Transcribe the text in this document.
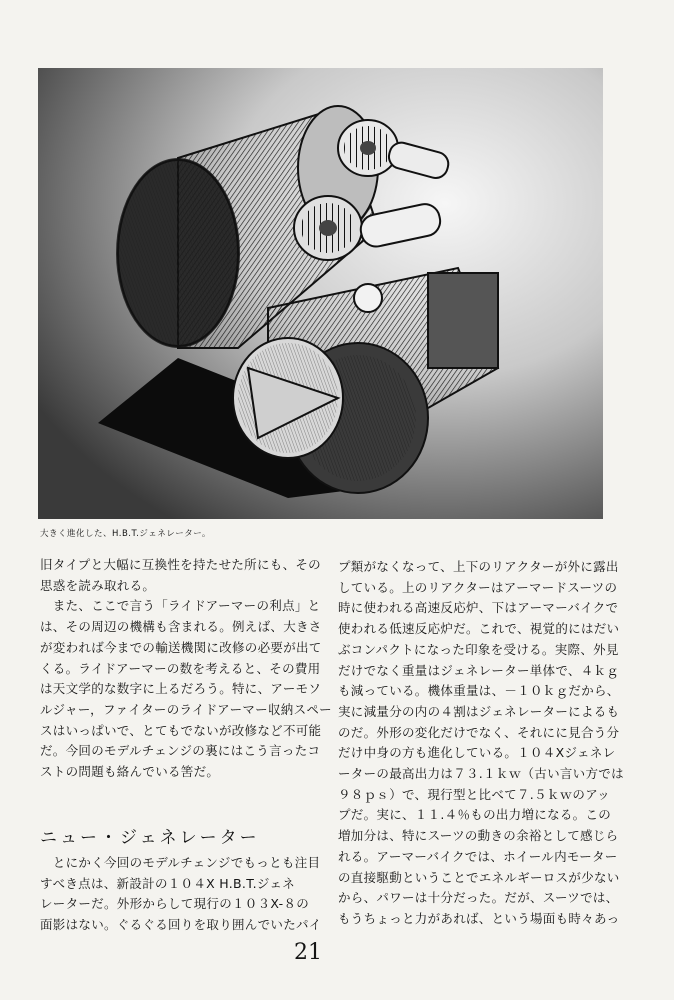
大きく進化した、H.B.T.ジェネレーター。
旧タイプと大幅に互換性を持たせた所にも、その
思惑を読み取れる。
　また、ここで言う「ライドアーマーの利点」と
は、その周辺の機構も含まれる。例えば、大きさ
が変われば今までの輸送機関に改修の必要が出て
くる。ライドアーマーの数を考えると、その費用
は天文学的な数字に上るだろう。特に、アーモソ
ルジャー，ファイターのライドアーマー収納スペー
スはいっぱいで、とてもでないが改修など不可能
だ。今回のモデルチェンジの裏にはこう言ったコ
ストの問題も絡んでいる筈だ。
ニュー・ジェネレーター
　とにかく今回のモデルチェンジでもっとも注目
すべき点は、新設計の１０４X H.B.T.ジェネ
レーターだ。外形からして現行の１０３X-８の
面影はない。ぐるぐる回りを取り囲んでいたパイ
プ類がなくなって、上下のリアクターが外に露出
している。上のリアクターはアーマードスーツの
時に使われる高速反応炉、下はアーマーバイクで
使われる低速反応炉だ。これで、視覚的にはだい
ぶコンパクトになった印象を受ける。実際、外見
だけでなく重量はジェネレーター単体で、４ｋｇ
も減っている。機体重量は、－１０ｋｇだから、
実に減量分の内の４割はジェネレーターによるも
のだ。外形の変化だけでなく、それにに見合う分
だけ中身の方も進化している。１０４Xジェネレ
ーターの最高出力は７３.１ｋｗ（古い言い方では
９８ｐｓ）で、現行型と比べて７.５ｋｗのアッ
プだ。実に、１１.４％もの出力増になる。この
増加分は、特にスーツの動きの余裕として感じら
れる。アーマーバイクでは、ホイール内モーター
の直接駆動ということでエネルギーロスが少ない
から、パワーは十分だった。だが、スーツでは、
もうちょっと力があれば、という場面も時々あっ
21
